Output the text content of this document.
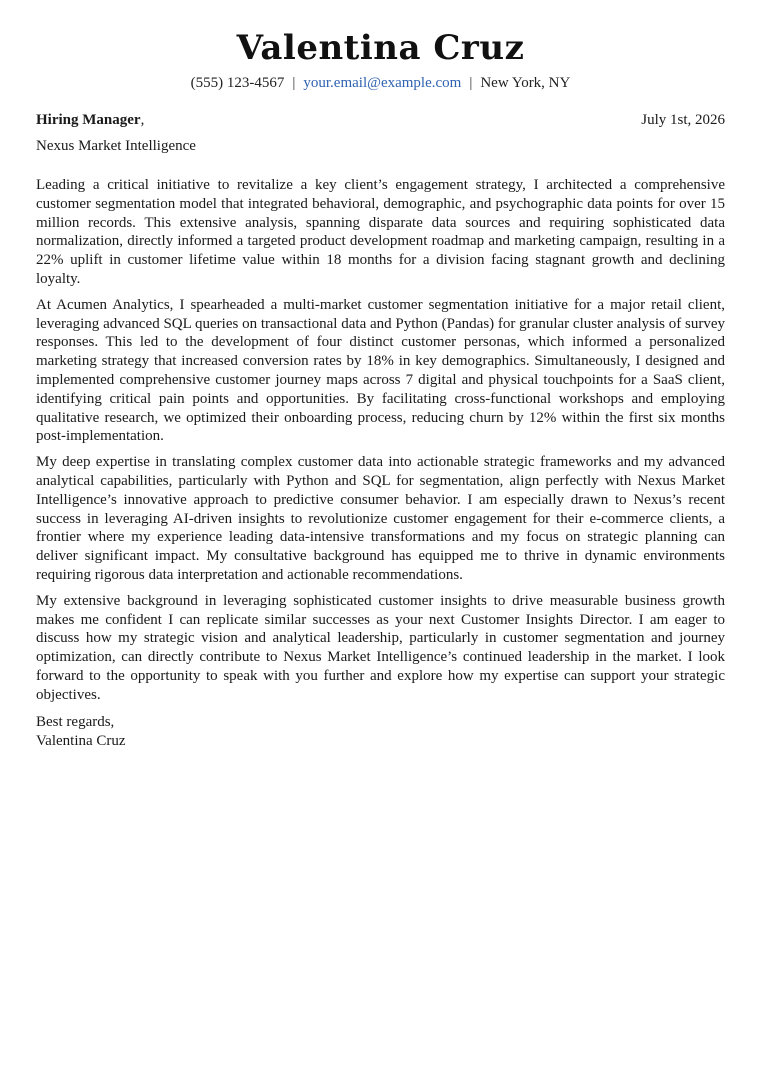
Valentina Cruz
(555) 123-4567 | your.email@example.com | New York, NY
Hiring Manager,	July 1st, 2026
Nexus Market Intelligence

Leading a critical initiative to revitalize a key client’s engagement strategy, I architected a comprehensive customer segmentation model that integrated behavioral, demographic, and psychographic data points for over 15 million records. This extensive analysis, spanning disparate data sources and requiring sophisticated data normalization, directly informed a targeted product development roadmap and marketing campaign, resulting in a 22% uplift in customer lifetime value within 18 months for a division facing stagnant growth and declining loyalty.

At Acumen Analytics, I spearheaded a multi-market customer segmentation initiative for a major retail client, leveraging advanced SQL queries on transactional data and Python (Pandas) for granular cluster analysis of survey responses. This led to the development of four distinct customer personas, which informed a personalized marketing strategy that increased conversion rates by 18% in key demographics. Simultaneously, I designed and implemented comprehensive customer journey maps across 7 digital and physical touchpoints for a SaaS client, identifying critical pain points and opportunities. By facilitating cross-functional workshops and employing qualitative research, we optimized their onboarding process, reducing churn by 12% within the first six months post-implementation.

My deep expertise in translating complex customer data into actionable strategic frameworks and my advanced analytical capabilities, particularly with Python and SQL for segmentation, align perfectly with Nexus Market Intelligence’s innovative approach to predictive consumer behavior. I am especially drawn to Nexus’s recent success in leveraging AI-driven insights to revolutionize customer engagement for their e-commerce clients, a frontier where my experience leading data-intensive transformations and my focus on strategic planning can deliver significant impact. My consultative background has equipped me to thrive in dynamic environments requiring rigorous data interpretation and actionable recommendations.

My extensive background in leveraging sophisticated customer insights to drive measurable business growth makes me confident I can replicate similar successes as your next Customer Insights Director. I am eager to discuss how my strategic vision and analytical leadership, particularly in customer segmentation and journey optimization, can directly contribute to Nexus Market Intelligence’s continued leadership in the market. I look forward to the opportunity to speak with you further and explore how my expertise can support your strategic objectives.

Best regards,
Valentina Cruz
